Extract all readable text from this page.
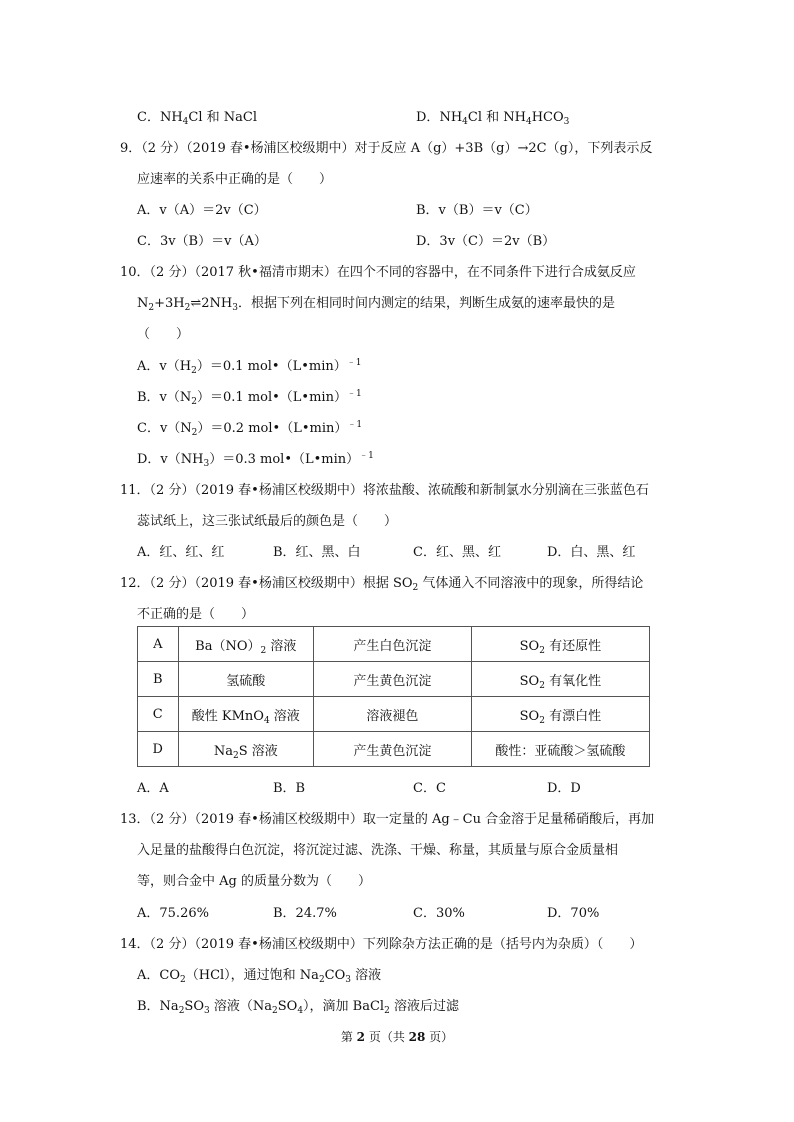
C．$NH_4Cl$ 和 NaCl	D．$NH_4Cl$ 和 $NH_4HCO_3$
9．（2 分）（2019 春•杨浦区校级期中）对于反应 A（g）+3B（g）→2C（g），下列表示反
应速率的关系中正确的是（　　）
A．v（A）＝2v（C）	B．v（B）＝v（C）
C．3v（B）＝v（A）	D．3v（C）＝2v（B）
10．（2 分）（2017 秋•福清市期末）在四个不同的容器中，在不同条件下进行合成氨反应
$N_2+3H_2\rightleftharpoons 2NH_3$．根据下列在相同时间内测定的结果，判断生成氨的速率最快的是
（　　）
A．$v(H_2)=0.1$ mol•（L•min）$^{﹣1}$
B．$v(N_2)=0.1$ mol•（L•min）$^{﹣1}$
C．$v(N_2)=0.2$ mol•（L•min）$^{﹣1}$
D．$v(NH_3)=0.3$ mol•（L•min）$^{﹣1}$
11．（2 分）（2019 春•杨浦区校级期中）将浓盐酸、浓硫酸和新制氯水分别滴在三张蓝色石
蕊试纸上，这三张试纸最后的颜色是（　　）
A．红、红、红	B．红、黑、白	C．红、黑、红	D．白、黑、红
12．（2 分）（2019 春•杨浦区校级期中）根据 $SO_2$ 气体通入不同溶液中的现象，所得结论
不正确的是（　　）
A	$Ba(NO)_2$ 溶液	产生白色沉淀	$SO_2$ 有还原性
B	氢硫酸	产生黄色沉淀	$SO_2$ 有氧化性
C	酸性 KMnO$_4$ 溶液	溶液褪色	$SO_2$ 有漂白性
D	$Na_2S$ 溶液	产生黄色沉淀	酸性：亚硫酸＞氢硫酸
A．A	B．B	C．C	D．D
13．（2 分）（2019 春•杨浦区校级期中）取一定量的 Ag﹣Cu 合金溶于足量稀硝酸后，再加
入足量的盐酸得白色沉淀，将沉淀过滤、洗涤、干燥、称量，其质量与原合金质量相
等，则合金中 Ag 的质量分数为（　　）
A．75.26%	B．24.7%	C．30%	D．70%
14．（2 分）（2019 春•杨浦区校级期中）下列除杂方法正确的是（括号内为杂质）（　　）
A．$CO_2(HCl)$，通过饱和 $Na_2CO_3$ 溶液
B．$Na_2SO_3$ 溶液$(Na_2SO_4)$，滴加 BaCl$_2$ 溶液后过滤
第 2 页（共 28 页）
